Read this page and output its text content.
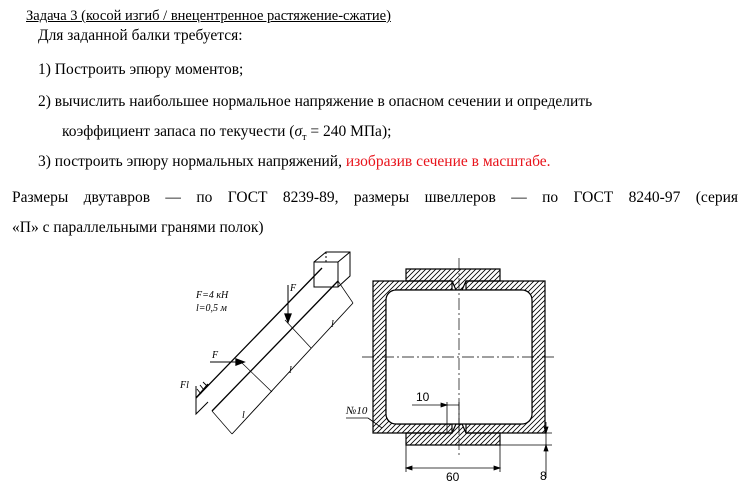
Задача 3 (косой изгиб / внецентренное растяжение-сжатие)
Для заданной балки требуется:
1) Построить эпюру моментов;
2) вычислить наибольшее нормальное напряжение в опасном сечении и определить
коэффициент запаса по текучести ($\sigma_т = 240$ МПа);
3) построить эпюру нормальных напряжений, изобразив сечение в масштабе.
Размеры двутавров — по ГОСТ 8239-89, размеры швеллеров — по ГОСТ 8240-97 (серия
«П» с параллельными гранями полок)
F=4 кН
l=0,5 м
F
F
Fl
l
l
l
10
60	8
№10
